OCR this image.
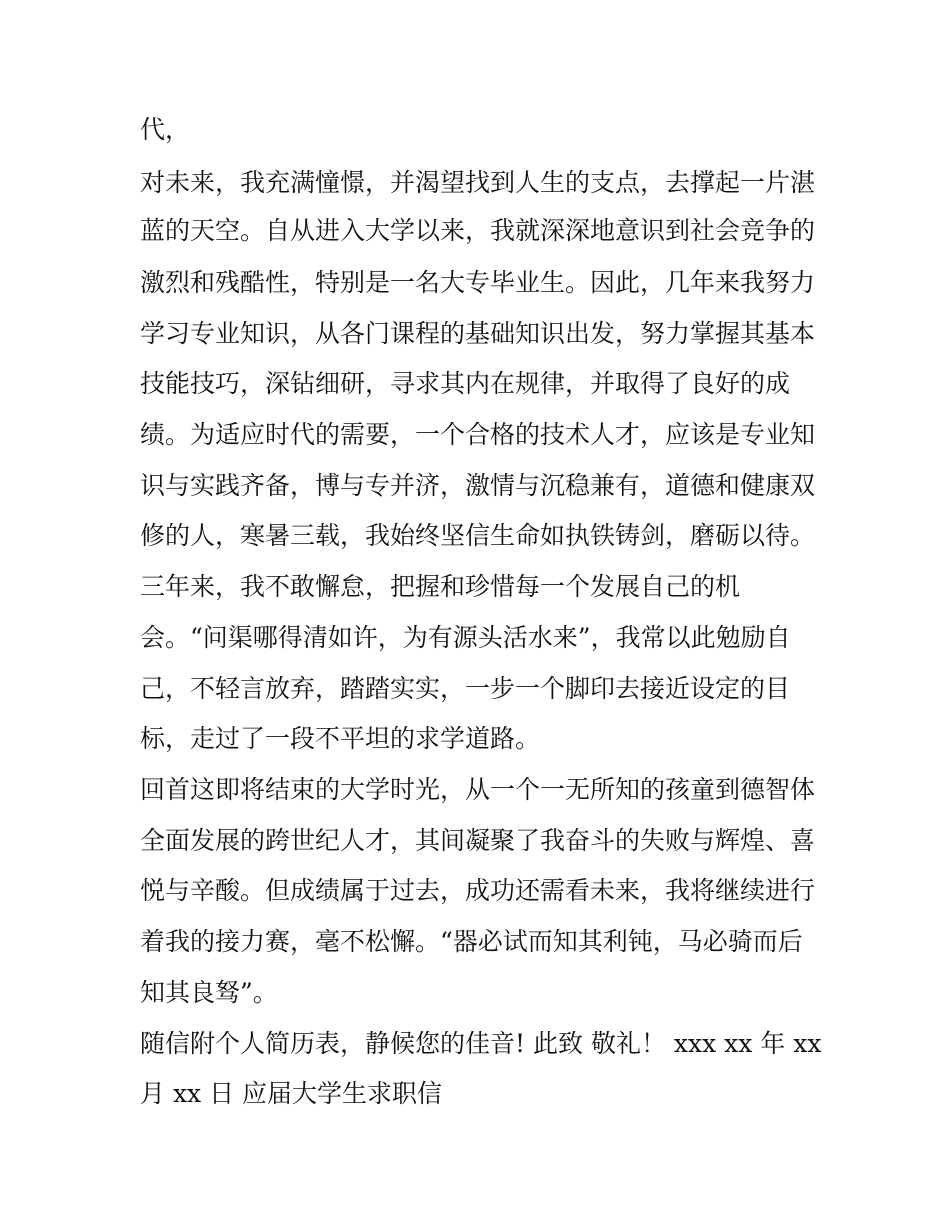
代，
对未来，我充满憧憬，并渴望找到人生的支点，去撑起一片湛
蓝的天空。自从进入大学以来，我就深深地意识到社会竞争的
激烈和残酷性，特别是一名大专毕业生。因此，几年来我努力
学习专业知识，从各门课程的基础知识出发，努力掌握其基本
技能技巧，深钻细研，寻求其内在规律，并取得了良好的成
绩。为适应时代的需要，一个合格的技术人才，应该是专业知
识与实践齐备，博与专并济，激情与沉稳兼有，道德和健康双
修的人，寒暑三载，我始终坚信生命如执铁铸剑，磨砺以待。
三年来，我不敢懈怠，把握和珍惜每一个发展自己的机
会。“问渠哪得清如许，为有源头活水来”，我常以此勉励自
己，不轻言放弃，踏踏实实，一步一个脚印去接近设定的目
标，走过了一段不平坦的求学道路。
回首这即将结束的大学时光，从一个一无所知的孩童到德智体
全面发展的跨世纪人才，其间凝聚了我奋斗的失败与辉煌、喜
悦与辛酸。但成绩属于过去，成功还需看未来，我将继续进行
着我的接力赛，毫不松懈。“器必试而知其利钝，马必骑而后
知其良驽”。
随信附个人简历表，静候您的佳音! 此致 敬礼！ xxx xx 年 xx
月 xx 日 应届大学生求职信
